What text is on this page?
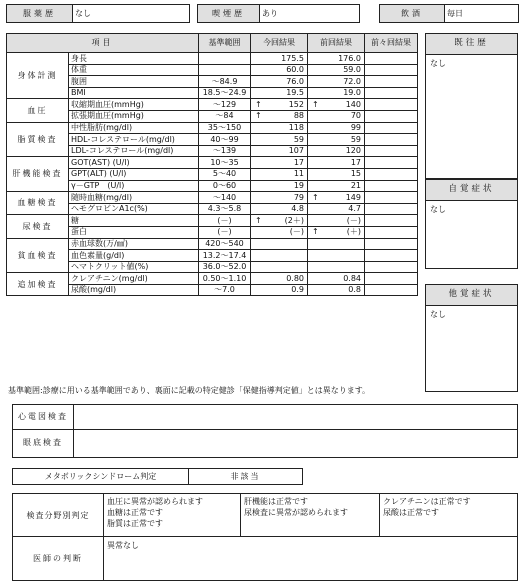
服薬歴	なし		喫煙歴	あり		飲酒	毎日
項目		基準範囲	今回結果		前回結果		前々回結果
身体計測	身長			175.5		176.0	
	体重			60.0		59.0	
	腹囲	～84.9		76.0		72.0	
	BMI	18.5～24.9		19.5		19.0	
血圧	収縮期血圧(mmHg)	～129	↑	152	↑	140	
	拡張期血圧(mmHg)	～84	↑	88		70	
脂質検査	中性脂肪(mg/dl)	35～150		118		99	
	HDL-コレステロール(mg/dl)	40～99		59		59	
	LDL-コレステロール(mg/dl)	～139		107		120	
肝機能検査	GOT(AST) (U/l)	10～35		17		17	
	GPT(ALT) (U/l)	5～40		11		15	
	γ－GTP　(U/l)	0～60		19		21	
血糖検査	随時血糖(mg/dl)	～140		79	↑	149	
	ヘモグロビンA1c(%)	4.3～5.8		4.8		4.7	
尿検査	糖	(－)	↑	(2＋)		(－)	
	蛋白	(－)		(－)	↑	(＋)	
貧血検査	赤血球数(万/㎣)	420～540					
	血色素量(g/dl)	13.2～17.4					
	ヘマトクリット値(%)	36.0～52.0					
追加検査	クレアチニン(mg/dl)	0.50～1.10		0.80		0.84	
	尿酸(mg/dl)	～7.0		0.9		0.8	
既往歴
なし
自覚症状
なし
他覚症状
なし
基準範囲:診療に用いる基準範囲であり、裏面に記載の特定健診「保健指導判定値」とは異なります。
心電図検査
眼底検査
メタボリックシンドローム判定	非該当
検査分野別判定
血圧に異常が認められます
血糖は正常です
脂質は正常です
肝機能は正常です
尿検査に異常が認められます
クレアチニンは正常です
尿酸は正常です
医師の判断
異常なし
